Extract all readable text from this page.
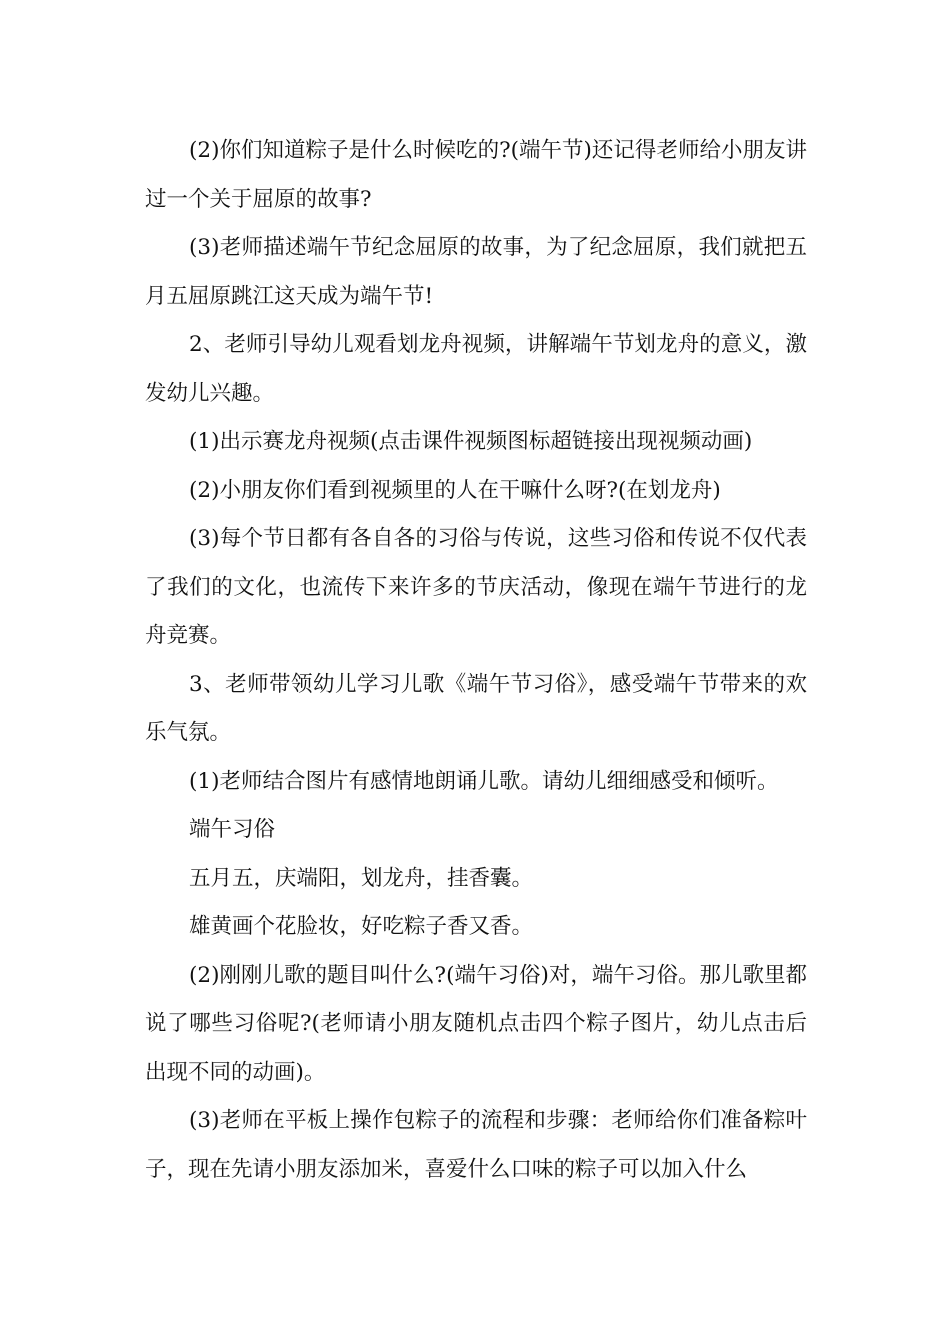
(2)你们知道粽子是什么时候吃的?(端午节)还记得老师给小朋友讲过一个关于屈原的故事?

(3)老师描述端午节纪念屈原的故事，为了纪念屈原，我们就把五月五屈原跳江这天成为端午节!

2、老师引导幼儿观看划龙舟视频，讲解端午节划龙舟的意义，激发幼儿兴趣。

(1)出示赛龙舟视频(点击课件视频图标超链接出现视频动画)

(2)小朋友你们看到视频里的人在干嘛什么呀?(在划龙舟)

(3)每个节日都有各自各的习俗与传说，这些习俗和传说不仅代表了我们的文化，也流传下来许多的节庆活动，像现在端午节进行的龙舟竞赛。

3、老师带领幼儿学习儿歌《端午节习俗》，感受端午节带来的欢乐气氛。

(1)老师结合图片有感情地朗诵儿歌。请幼儿细细感受和倾听。

端午习俗

五月五，庆端阳，划龙舟，挂香囊。

雄黄画个花脸妆，好吃粽子香又香。

(2)刚刚儿歌的题目叫什么?(端午习俗)对，端午习俗。那儿歌里都说了哪些习俗呢?(老师请小朋友随机点击四个粽子图片，幼儿点击后出现不同的动画)。

(3)老师在平板上操作包粽子的流程和步骤：老师给你们准备粽叶子，现在先请小朋友添加米，喜爱什么口味的粽子可以加入什么
